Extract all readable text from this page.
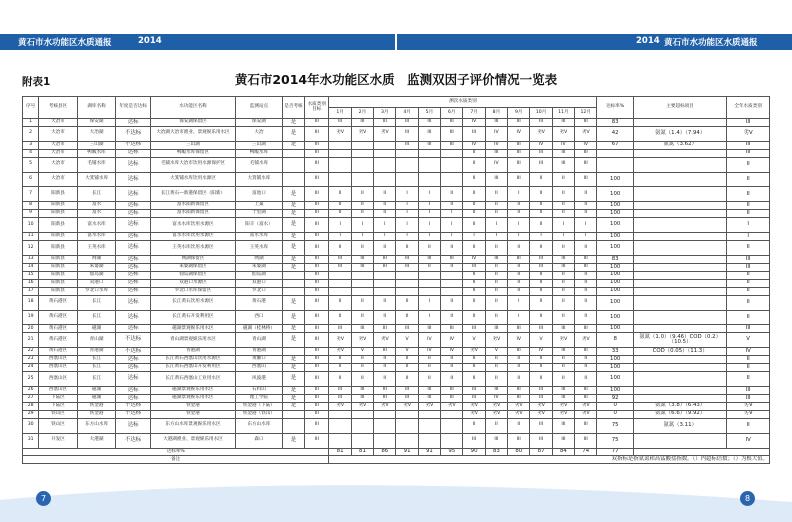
黄石市水功能区水质通报	2014	2014 黄石市水功能区水质通报
附表1	黄石市2014年水功能区水质　监测双因子评价情况一览表
序号	考核县区	湖库名称	年度是否达标	水功能区名称	监测站点	是否考核	水质类别目标	测次水质类别												达标率%	主要超标项目	全年水质类别
								1月	2月	3月	4月	5月	6月	7月	8月	9月	10月	11月	12月			
1	大冶市	保安湖	达标	保安湖保留区	保安湖	是	III	III	III	III	III	III	III	IV	III	III	III	III	III	83		III
2	大冶市	大冶湖	不达标	大冶湖大冶市渔业、景观娱乐用水区	大冶	是	III	劣V	劣V	劣V	III	III	III	III	IV	IV	劣V	劣V	劣V	42	氨氮（1.4）（7.94）	劣V
3	大冶市	三山湖	不达标	三山湖	三山湖	是	III				III	III	III	IV	IV	III	IV	IV	IV	67	氨氮（3.62）	III
4	大冶市	鸭畈水库	达标	鸭畈水库保留区	鸭畈水库		III							II	III	III	III	III	III			III
5	大冶市	毛铺水库	达标	毛铺水库大冶市饮用水源保护区	毛铺水库		III							II	IV	III	III	III	III			II
6	大冶市	大箕铺水库	达标	大箕铺水库饮用水源区	大箕铺水库		III							II	III	III	II	II	III	100		II
7	阳新县	长江	达标	长江黄石—新港保留区（阳新）	富池口	是	III	II	II	II	I	I	II	II	II	I	II	II	II	100		II
8	阳新县	富水	达标	富水阳新保留区	上巢	是	III	II	II	II	I	I	II	II	II	II	II	II	II	100		II
9	阳新县	富水	达标	富水阳新保留区	十里湖	是	III	II	II	II	I	I	I	II	II	II	II	II	II	100		II
10	阳新县	富水水库	达标	富水水库饮用水源区	阳辛（富水）	是	III	I	I	I	I	I	I	II	I	I	II	I	I	100		I
11	阳新县	富水水库	达标	富水水库饮用水源区	富水水库	是	III	I	I	I	I	I	I	I	I	I	I	I	I	100		I
12	阳新县	王英水库	达标	王英水库饮用水源区	王英水库	是	III	II	II	II	II	II	II	II	II	II	II	II	II	100		II
13	阳新县	网湖	达标	网湖保留区	网湖	是	III	III	III	III	III	III	III	IV	III	III	III	III	III	83		III
14	阳新县	朱婆湖	达标	朱婆湖保留区	朱婆湖	是	III	III	III	III	III	II	II	III	II	II	III	III	III	100		III
15	阳新县	仙岛湖	达标	仙岛湖保留区	仙岛湖		III							II	II	II	II	II	II	100		II
16	阳新县	双港口	达标	双港口水源区	双港口		III							II	II	II	II	II	II	100		II
17	阳新县	罗北口水库	达标	罗北口水库保留区	罗北口		III							II	II	II	II	II	II	100		II
18	黄石港区	长江	达标	长江黄石饮用水源区	黄石港	是	III	II	II	II	II	I	II	II	II	I	II	II	II	100		II
19	黄石港区	长江	达标	长江黄石开发利用区	西口	是	III	II	II	II	II	I	II	II	II	I	II	II	II	100		II
20	黄石港区	磁湖	达标	磁湖景观娱乐用水区	磁湖（桂林桥）	是	III	III	III	III	III	III	III	III	III	III	III	III	III	100		III
21	黄石港区	青山湖	不达标	青山湖景观娱乐用水区	青山湖	是	III	劣V	劣V	劣V	V	IV	IV	V	劣V	IV	V	劣V	劣V	8	氨氮（1.0）（9.46）COD（0.2）（10.5）	V
22	黄石港区	青港湖	不达标	青港湖	青港湖		III	劣V	V	III	V	IV	IV	劣V	V	III	IV	III	III	33	COD（0.05）（11.3）	IV
23	西塞山区	长江	达标	长江黄石西塞山饮用水源区	黄颡口	是	III	II	II	II	II	II	II	II	II	II	II	II	II	100		II
24	西塞山区	长江	达标	长江黄石西塞山开发利用区	西塞山	是	III	II	II	II	II	II	II	II	II	II	II	II	II	100		II
25	西塞山区	长江	达标	长江黄石西塞山工业用水区	风波港	是	III	II	II	II	II	II	II	II	II	II	II	II	II	100		II
26	西塞山区	磁湖	达标	磁湖景观娱乐用水区	石料山	是	III	III	III	III	III	III	III	III	III	III	III	III	III	100		III
27	下陆区	磁湖	达标	磁湖景观娱乐用水区	理工学院	是	III	III	III	III	III	III	III	III	IV	III	III	III	III	92		III
28	下陆区	铁金港	不达标	铁金港	铁金港（下陆）	是	III	劣V	劣V	劣V	劣V	劣V	劣V	劣V	劣V	劣V	劣V	劣V	劣V	0	氨氮（3.8）（6.43）	劣V
29	铁山区	铁金港	不达标	铁金港	铁金港（铁山）		III							劣V	劣V	劣V	劣V	劣V	劣V	0	氨氮（6.6）（9.92）	劣V
30	铁山区	东方山水库	达标	东方山水库景观娱乐用水区	东方山水库		III							II	II	II	III	III	III	75	氨氮（3.11）	II
31	开发区	大港湖	不达标	大港湖渔业、景观娱乐用水区	森口	是	III							III	III	III	III	III	III	75		IV
达标率%								81	81	86	91	91	95	90	83	80	87	84	74	77		
备注								双指标是指氨氮和高锰酸盐指数。（）内超标倍数；（）为根大值。														
7	8
